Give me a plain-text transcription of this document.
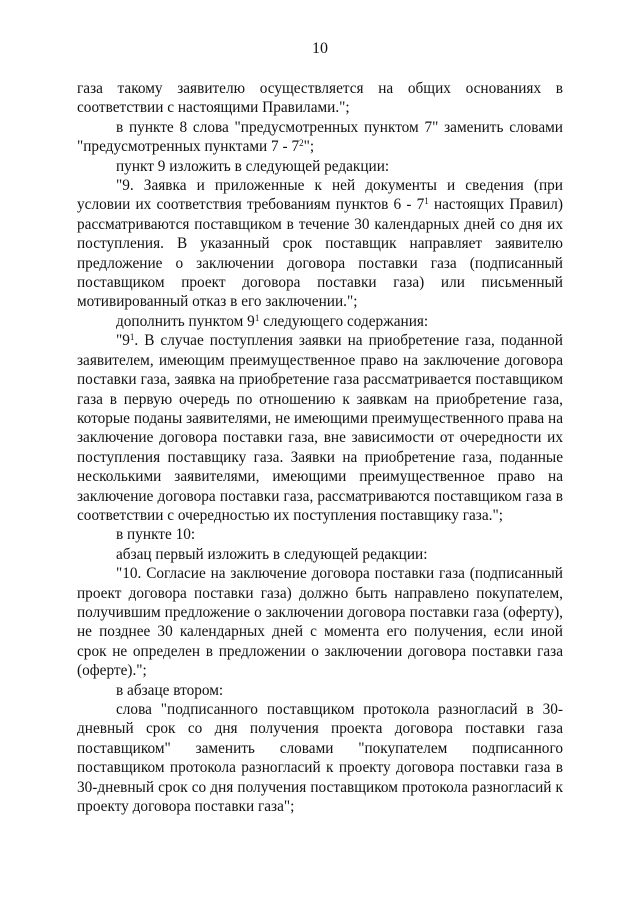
10

газа такому заявителю осуществляется на общих основаниях в соответствии с настоящими Правилами.";

в пункте 8 слова "предусмотренных пунктом 7" заменить словами "предусмотренных пунктами $7 - 7^2$";

пункт 9 изложить в следующей редакции:

"9. Заявка и приложенные к ней документы и сведения (при условии их соответствия требованиям пунктов $6 - 7^1$ настоящих Правил) рассматриваются поставщиком в течение 30 календарных дней со дня их поступления. В указанный срок поставщик направляет заявителю предложение о заключении договора поставки газа (подписанный поставщиком проект договора поставки газа) или письменный мотивированный отказ в его заключении.";

дополнить пунктом $9^1$ следующего содержания:

"$9^1$. В случае поступления заявки на приобретение газа, поданной заявителем, имеющим преимущественное право на заключение договора поставки газа, заявка на приобретение газа рассматривается поставщиком газа в первую очередь по отношению к заявкам на приобретение газа, которые поданы заявителями, не имеющими преимущественного права на заключение договора поставки газа, вне зависимости от очередности их поступления поставщику газа. Заявки на приобретение газа, поданные несколькими заявителями, имеющими преимущественное право на заключение договора поставки газа, рассматриваются поставщиком газа в соответствии с очередностью их поступления поставщику газа.";

в пункте 10:

абзац первый изложить в следующей редакции:

"10. Согласие на заключение договора поставки газа (подписанный проект договора поставки газа) должно быть направлено покупателем, получившим предложение о заключении договора поставки газа (оферту), не позднее 30 календарных дней с момента его получения, если иной срок не определен в предложении о заключении договора поставки газа (оферте).";

в абзаце втором:

слова "подписанного поставщиком протокола разногласий в 30-дневный срок со дня получения проекта договора поставки газа поставщиком" заменить словами "покупателем подписанного поставщиком протокола разногласий к проекту договора поставки газа в 30-дневный срок со дня получения поставщиком протокола разногласий к проекту договора поставки газа";
